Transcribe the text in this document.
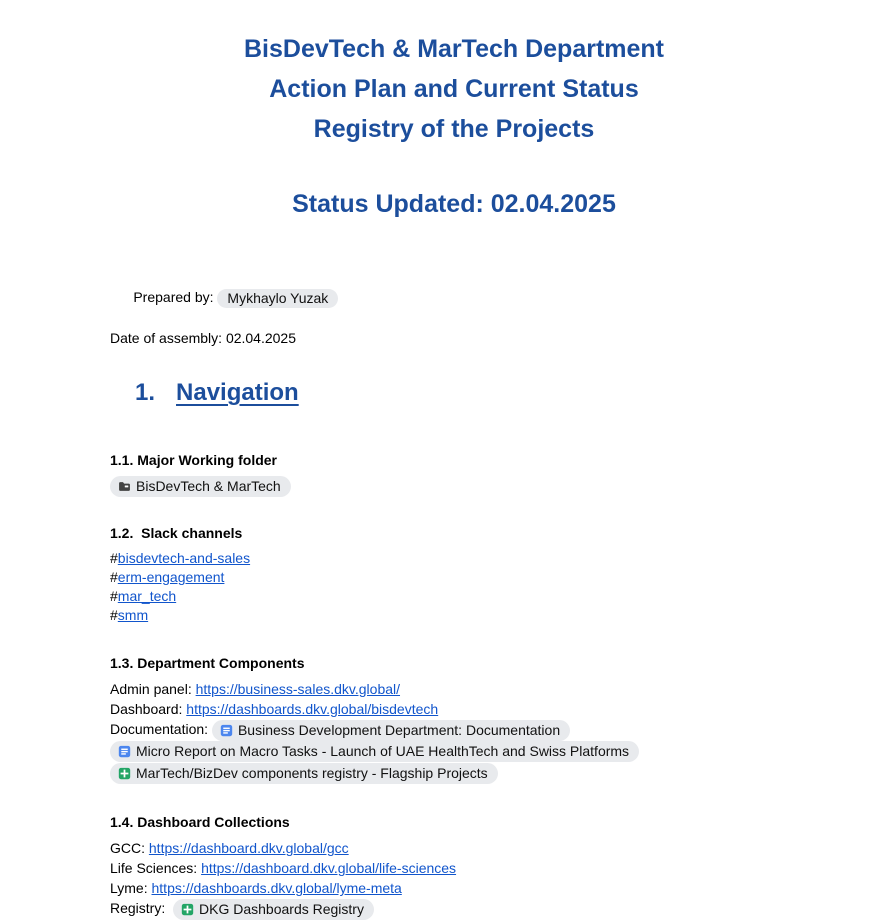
BisDevTech & MarTech Department
Action Plan and Current Status
Registry of the Projects
Status Updated: 02.04.2025

Prepared by: Mykhaylo Yuzak

Date of assembly: 02.04.2025
1. Navigation
1.1. Major Working folder
BisDevTech & MarTech
1.2.  Slack channels
#bisdevtech-and-sales
#erm-engagement
#mar_tech
#smm
1.3. Department Components
Admin panel: https://business-sales.dkv.global/
Dashboard: https://dashboards.dkv.global/bisdevtech
Documentation: Business Development Department: Documentation
Micro Report on Macro Tasks - Launch of UAE HealthTech and Swiss Platforms
MarTech/BizDev components registry - Flagship Projects
1.4. Dashboard Collections
GCC: https://dashboard.dkv.global/gcc
Life Sciences: https://dashboard.dkv.global/life-sciences
Lyme: https://dashboards.dkv.global/lyme-meta
Registry: DKG Dashboards Registry
